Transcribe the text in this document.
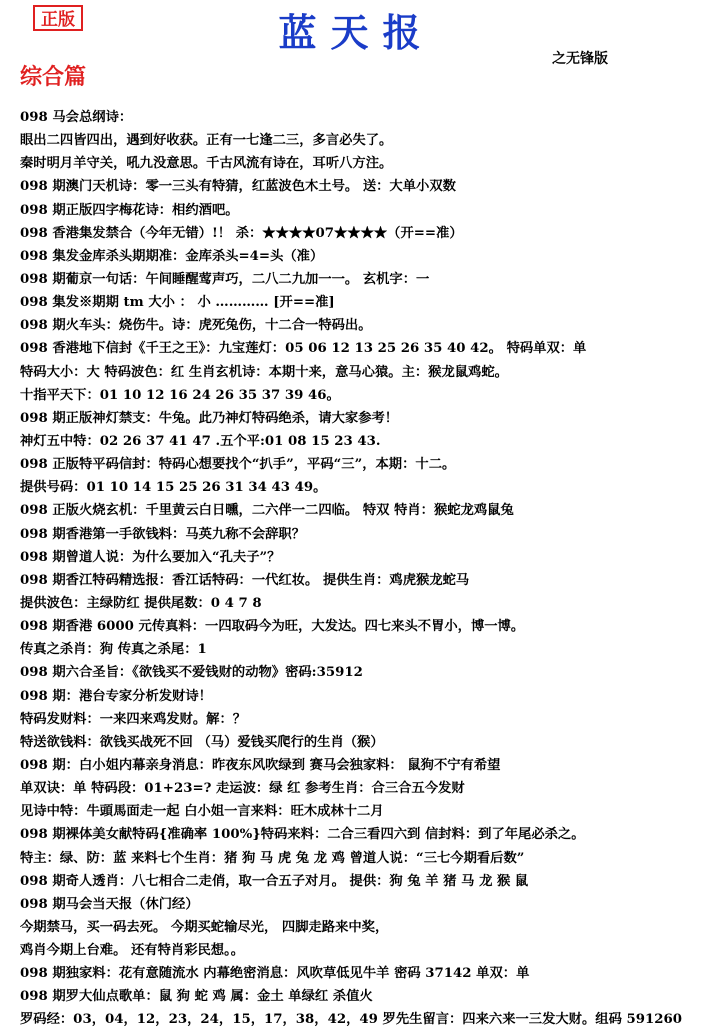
正版	蓝天报
之无锋版
综合篇
098 马会总纲诗：
眼出二四皆四出，遇到好收获。正有一七逢二三，多言必失了。
秦时明月羊守关，吼九没意思。千古风流有诗在，耳听八方注。
098 期澳门天机诗：零一三头有特猜，红蓝波色木土号。 送：大单小双数
098 期正版四字梅花诗：相约酒吧。
098 香港集发禁合（今年无错）!！ 杀：★★★★07★★★★（开==准）
098 集发金库杀头期期准：金库杀头=4=头（准）
098 期葡京一句话：午间睡醒莺声巧，二八二九加一一。 玄机字：一
098 集发※期期 tm 大小 ： 小 ………… [开==准]
098 期火车头：烧伤牛。诗：虎死兔伤，十二合一特码出。
098 香港地下信封《千王之王》：九宝莲灯：05 06 12 13 25 26 35 40 42。 特码单双：单
特码大小：大 特码波色：红 生肖玄机诗：本期十来，意马心猿。主：猴龙鼠鸡蛇。
十指平天下：01 10 12 16 24 26 35 37 39 46。
098 期正版神灯禁支：牛兔。此乃神灯特码绝杀，请大家参考！
神灯五中特：02 26 37 41 47 .五个平:01 08 15 23 43.
098 正版特平码信封：特码心想要找个“扒手”，平码“三”，本期：十二。
提供号码：01 10 14 15 25 26 31 34 43 49。
098 正版火烧玄机：千里黄云白日曛，二六伴一二四临。 特双 特肖：猴蛇龙鸡鼠兔
098 期香港第一手欲钱料：马英九称不会辞职？
098 期曾道人说：为什么要加入“孔夫子”？
098 期香江特码精选报：香江话特码：一代红妆。 提供生肖：鸡虎猴龙蛇马
提供波色：主绿防红 提供尾数：0 4 7 8
098 期香港 6000 元传真料：一四取码今为旺，大发达。四七来头不胃小，博一博。
传真之杀肖：狗 传真之杀尾：1
098 期六合圣旨：《欲钱买不爱钱财的动物》密码:35912
098 期：港台专家分析发财诗！
特码发财料：一来四来鸡发财。解：？
特送欲钱料：欲钱买战死不回 （马）爱钱买爬行的生肖（猴）
098 期：白小姐内幕亲身消息：昨夜东风吹绿到 赛马会独家料： 鼠狗不宁有希望
单双诀：单 特码段：01+23=? 走运波：绿 红 参考生肖：合三合五今发财
见诗中特：牛頭馬面走一起 白小姐一言来料：旺木成林十二月
098 期裸体美女献特码{准确率 100%}特码来料：二合三看四六到 信封料：到了年尾必杀之。
特主：绿、防：蓝 来料七个生肖：猪 狗 马 虎 兔 龙 鸡 曾道人说：“三七今期看后数”
098 期奇人透肖：八七相合二走俏，取一合五子对月。 提供：狗 兔 羊 猪 马 龙 猴 鼠
098 期马会当天报（休门经）
今期禁马，买一码去死。 今期买蛇输尽光， 四脚走路来中奖，
鸡肖今期上台难。 还有特肖彩民想。。
098 期独家料：花有意随流水 内幕绝密消息：风吹草低见牛羊 密码 37142 单双：单
098 期罗大仙点歌单：鼠 狗 蛇 鸡 属：金土 单绿红 杀值火
罗码经：03，04，12，23，24，15，17，38，42，49 罗先生留言：四来六来一三发大财。组码 591260
